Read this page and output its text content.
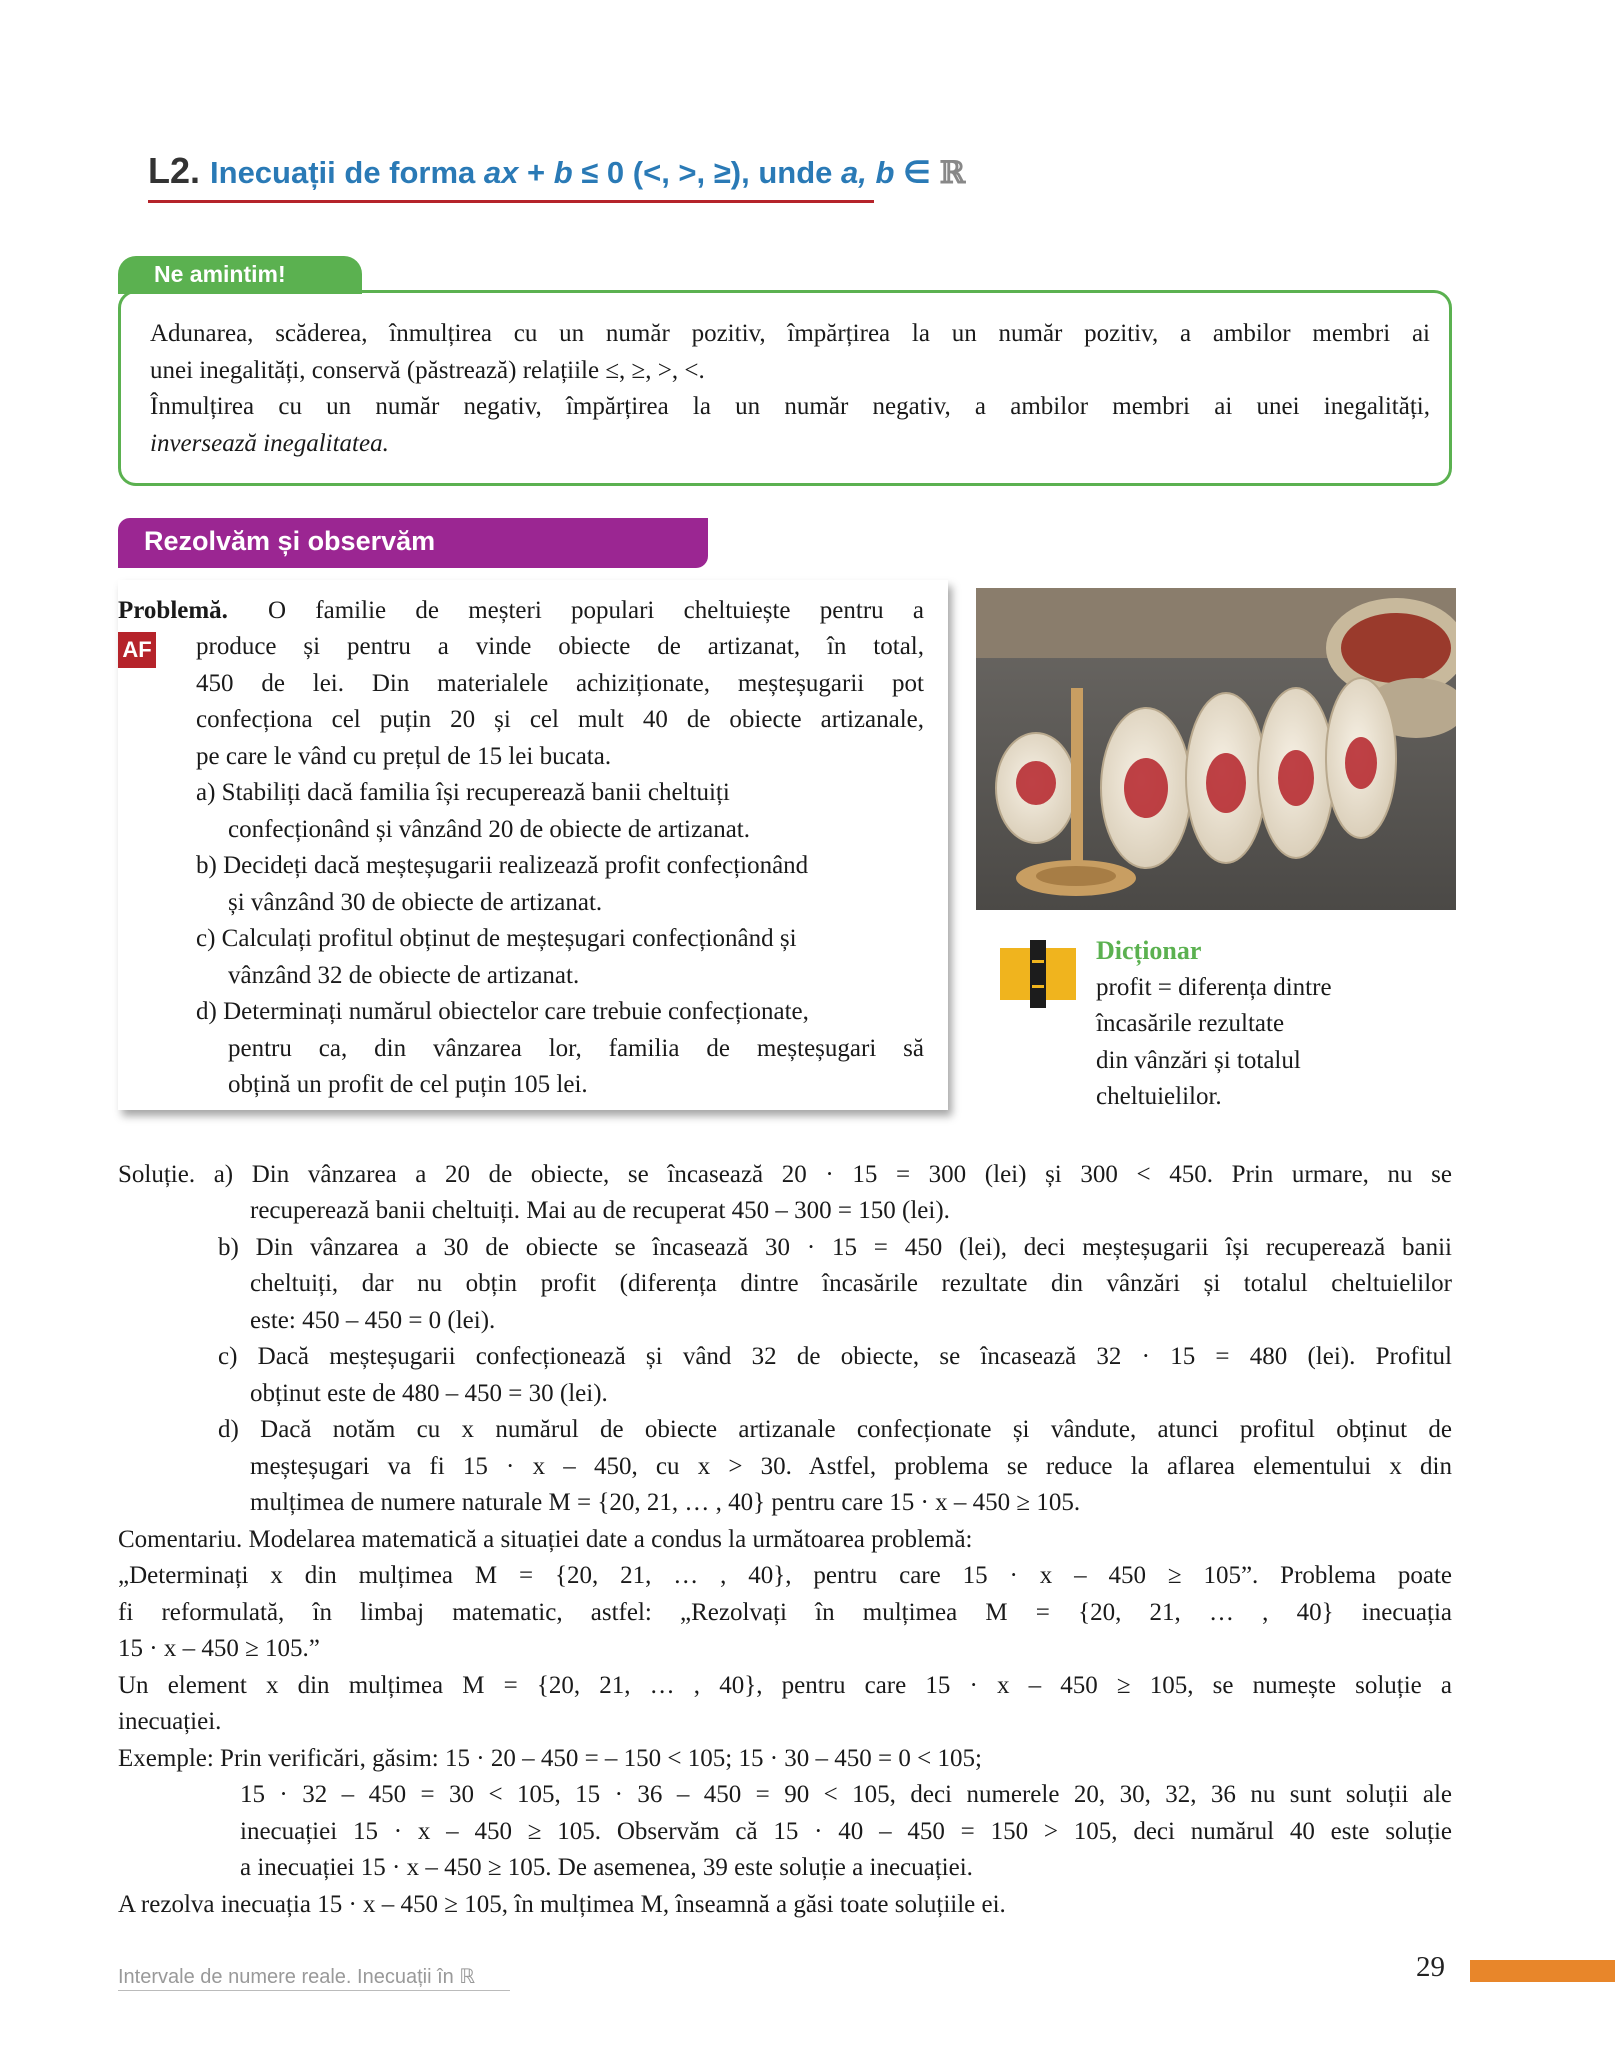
L2. Inecuații de forma ax + b ≤ 0 (<, >, ≥), unde a, b ∈ ℝ
Ne amintim!
Adunarea, scăderea, înmulțirea cu un număr pozitiv, împărțirea la un număr pozitiv, a ambilor membri ai
unei inegalități, conservă (păstrează) relațiile ≤, ≥, >, <.
Înmulțirea cu un număr negativ, împărțirea la un număr negativ, a ambilor membri ai unei inegalități,
inversează inegalitatea.
Rezolvăm și observăm
AF
Problemă. O familie de meșteri populari cheltuiește pentru a
produce și pentru a vinde obiecte de artizanat, în total,
450 de lei. Din materialele achiziționate, meșteșugarii pot
confecționa cel puțin 20 și cel mult 40 de obiecte artizanale,
pe care le vând cu prețul de 15 lei bucata.
a) Stabiliți dacă familia își recuperează banii cheltuiți
confecționând și vânzând 20 de obiecte de artizanat.
b) Decideți dacă meșteșugarii realizează profit confecționând
și vânzând 30 de obiecte de artizanat.
c) Calculați profitul obținut de meșteșugari confecționând și
vânzând 32 de obiecte de artizanat.
d) Determinați numărul obiectelor care trebuie confecționate,
pentru ca, din vânzarea lor, familia de meșteșugari să
obțină un profit de cel puțin 105 lei.
Dicționar
profit = diferența dintre
încasările rezultate
din vânzări și totalul
cheltuielilor.
Soluție. a) Din vânzarea a 20 de obiecte, se încasează 20 · 15 = 300 (lei) și 300 < 450. Prin urmare, nu se
recuperează banii cheltuiți. Mai au de recuperat 450 – 300 = 150 (lei).
b) Din vânzarea a 30 de obiecte se încasează 30 · 15 = 450 (lei), deci meșteșugarii își recuperează banii
cheltuiți, dar nu obțin profit (diferența dintre încasările rezultate din vânzări și totalul cheltuielilor
este: 450 – 450 = 0 (lei).
c) Dacă meșteșugarii confecționează și vând 32 de obiecte, se încasează 32 · 15 = 480 (lei). Profitul
obținut este de 480 – 450 = 30 (lei).
d) Dacă notăm cu x numărul de obiecte artizanale confecționate și vândute, atunci profitul obținut de
meșteșugari va fi 15 · x – 450, cu x > 30. Astfel, problema se reduce la aflarea elementului x din
mulțimea de numere naturale M = {20, 21, … , 40} pentru care 15 · x – 450 ≥ 105.
Comentariu. Modelarea matematică a situației date a condus la următoarea problemă:
„Determinați x din mulțimea M = {20, 21, … , 40}, pentru care 15 · x – 450 ≥ 105”. Problema poate
fi reformulată, în limbaj matematic, astfel: „Rezolvați în mulțimea M = {20, 21, … , 40} inecuația
15 · x – 450 ≥ 105.”
Un element x din mulțimea M = {20, 21, … , 40}, pentru care 15 · x – 450 ≥ 105, se numește soluție a
inecuației.
Exemple: Prin verificări, găsim: 15 · 20 – 450 = – 150 < 105; 15 · 30 – 450 = 0 < 105;
15 · 32 – 450 = 30 < 105, 15 · 36 – 450 = 90 < 105, deci numerele 20, 30, 32, 36 nu sunt soluții ale
inecuației 15 · x – 450 ≥ 105. Observăm că 15 · 40 – 450 = 150 > 105, deci numărul 40 este soluție
a inecuației 15 · x – 450 ≥ 105. De asemenea, 39 este soluție a inecuației.
A rezolva inecuația 15 · x – 450 ≥ 105, în mulțimea M, înseamnă a găsi toate soluțiile ei.
Intervale de numere reale. Inecuații în ℝ	29
